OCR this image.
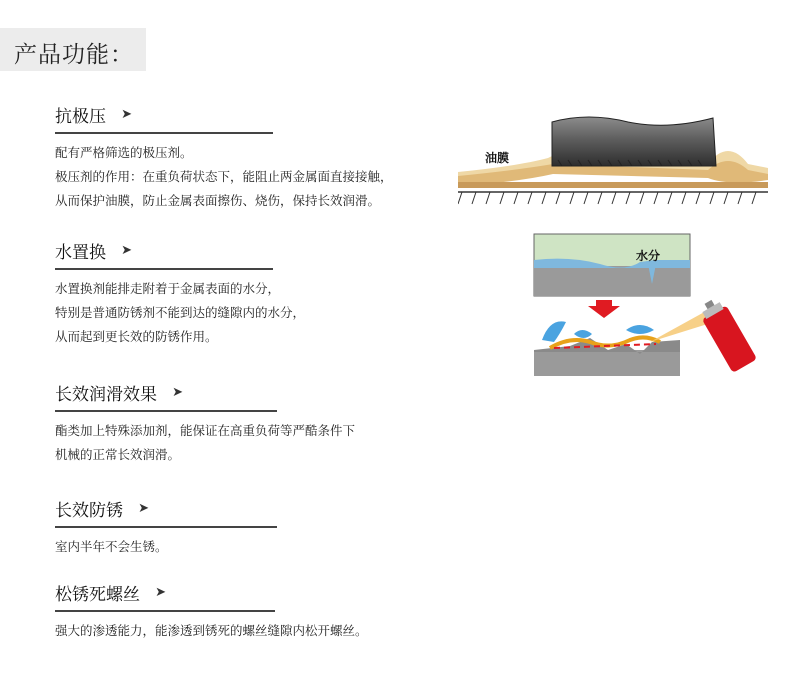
产品功能：
抗极压 ➤

配有严格筛选的极压剂。

极压剂的作用：在重负荷状态下，能阻止两金属面直接接触，

从而保护油膜，防止金属表面擦伤、烧伤，保持长效润滑。

水置换 ➤

水置换剂能排走附着于金属表面的水分，

特别是普通防锈剂不能到达的缝隙内的水分，

从而起到更长效的防锈作用。

长效润滑效果 ➤

酯类加上特殊添加剂，能保证在高重负荷等严酷条件下

机械的正常长效润滑。

长效防锈 ➤

室内半年不会生锈。

松锈死螺丝 ➤

强大的渗透能力，能渗透到锈死的螺丝缝隙内松开螺丝。

油膜
水分
